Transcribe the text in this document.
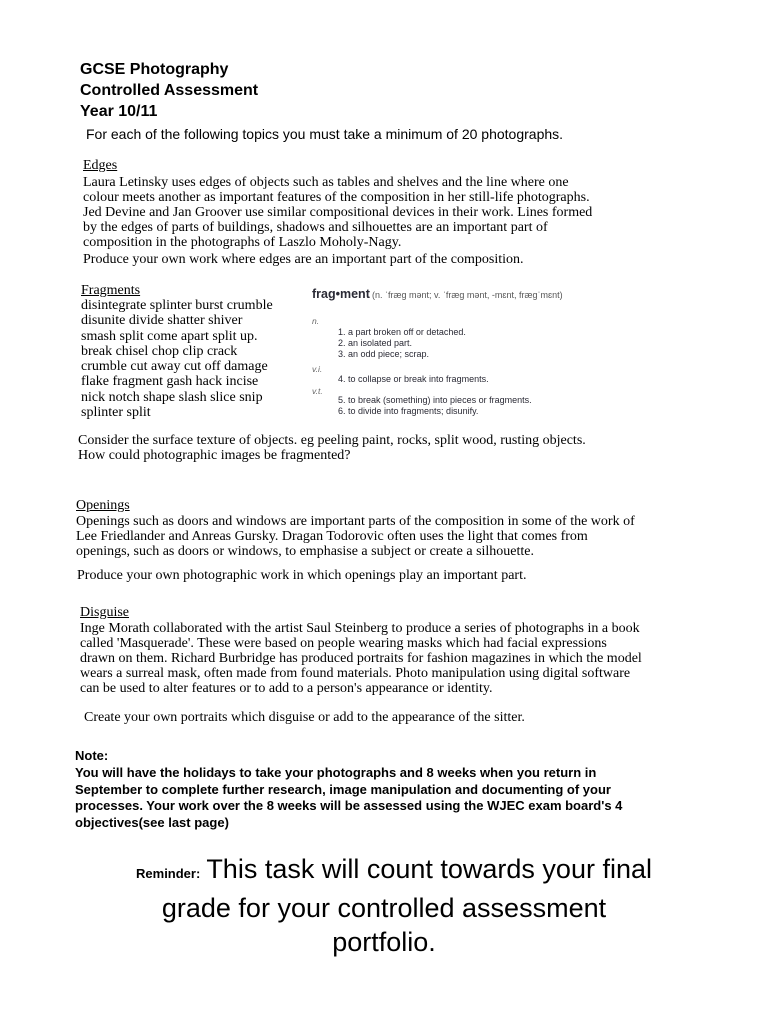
GCSE Photography
Controlled Assessment
Year 10/11
For each of the following topics you must take a minimum of 20 photographs.
Edges
Laura Letinsky uses edges of objects such as tables and shelves and the line where one
colour meets another as important features of the composition in her still-life photographs.
Jed Devine and Jan Groover use similar compositional devices in their work. Lines formed
by the edges of parts of buildings, shadows and silhouettes are an important part of
composition in the photographs of Laszlo Moholy-Nagy.
Produce your own work where edges are an important part of the composition.
Fragments
disintegrate splinter burst crumble
disunite divide shatter shiver
smash split come apart split up.
break chisel chop clip crack
crumble cut away cut off damage
flake fragment gash hack incise
nick notch shape slash slice snip
splinter split
frag•ment (n. ˈfræg mənt; v. ˈfræg mənt, -mɛnt, frægˈmɛnt)
n.
1. a part broken off or detached.
2. an isolated part.
3. an odd piece; scrap.
v.i.
4. to collapse or break into fragments.
v.t.
5. to break (something) into pieces or fragments.
6. to divide into fragments; disunify.
Consider the surface texture of objects. eg peeling paint, rocks, split wood, rusting objects.
How could photographic images be fragmented?
Openings
Openings such as doors and windows are important parts of the composition in some of the work of
Lee Friedlander and Anreas Gursky. Dragan Todorovic often uses the light that comes from
openings, such as doors or windows, to emphasise a subject or create a silhouette.
Produce your own photographic work in which openings play an important part.
Disguise
Inge Morath collaborated with the artist Saul Steinberg to produce a series of photographs in a book
called 'Masquerade'. These were based on people wearing masks which had facial expressions
drawn on them. Richard Burbridge has produced portraits for fashion magazines in which the model
wears a surreal mask, often made from found materials. Photo manipulation using digital software
can be used to alter features or to add to a person's appearance or identity.
Create your own portraits which disguise or add to the appearance of the sitter.
Note:
You will have the holidays to take your photographs and 8 weeks when you return in
September to complete further research, image manipulation and documenting of your
processes. Your work over the 8 weeks will be assessed using the WJEC exam board's 4
objectives(see last page)
Reminder: This task will count towards your final
grade for your controlled assessment
portfolio.
